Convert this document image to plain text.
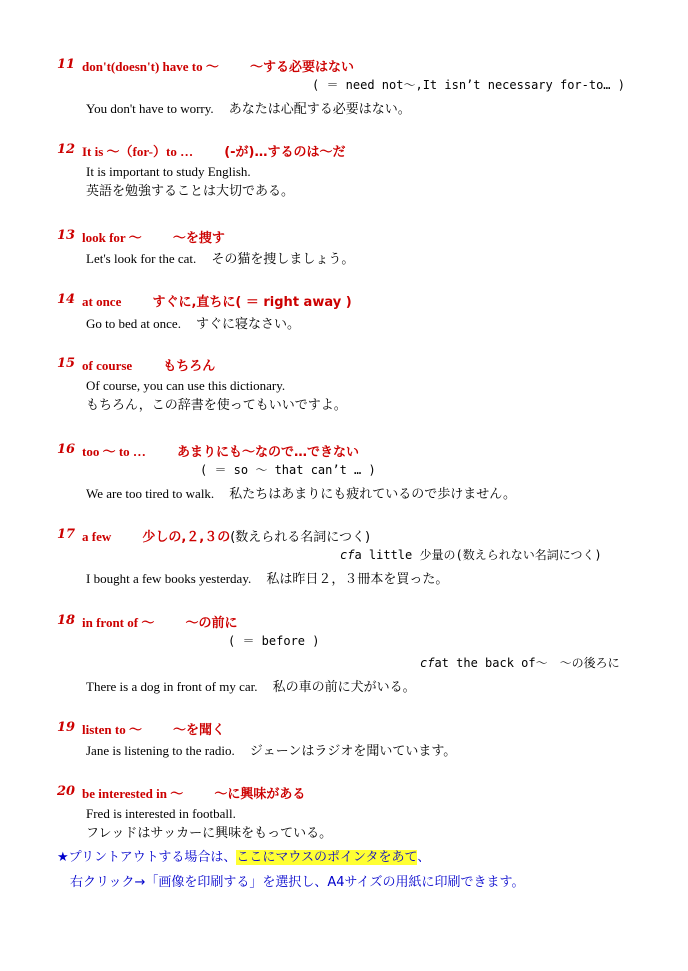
11 don't(doesn't) have to ～ ～する必要はない
( ＝ need not～,It isn’t necessary for-to… )
You don't have to worry. あなたは心配する必要はない。
12 It is ～（for-）to … (-が)…するのは～だ
It is important to study English.
英語を勉強することは大切である。
13 look for ～ ～を捜す
Let's look for the cat. その猫を捜しましょう。
14 at once すぐに,直ちに( ＝ right away )
Go to bed at once. すぐに寝なさい。
15 of course もちろん
Of course, you can use this dictionary.
もちろん，この辞書を使ってもいいですよ。
16 too ～ to … あまりにも～なので…できない
( ＝ so ～ that can’t … )
We are too tired to walk. 私たちはあまりにも疲れているので歩けません。
17 a few 少しの,２,３の(数えられる名詞につく)
cfa little 少量の(数えられない名詞につく)
I bought a few books yesterday. 私は昨日２，３冊本を買った。
18 in front of ～ ～の前に
( ＝ before )
cfat the back of～　～の後ろに
There is a dog in front of my car. 私の車の前に犬がいる。
19 listen to ～ ～を聞く
Jane is listening to the radio. ジェーンはラジオを聞いています。
20 be interested in ～ ～に興味がある
Fred is interested in football.
フレッドはサッカーに興味をもっている。
★プリントアウトする場合は、ここにマウスのポインタをあて、
右クリック→「画像を印刷する」を選択し、A4サイズの用紙に印刷できます。
